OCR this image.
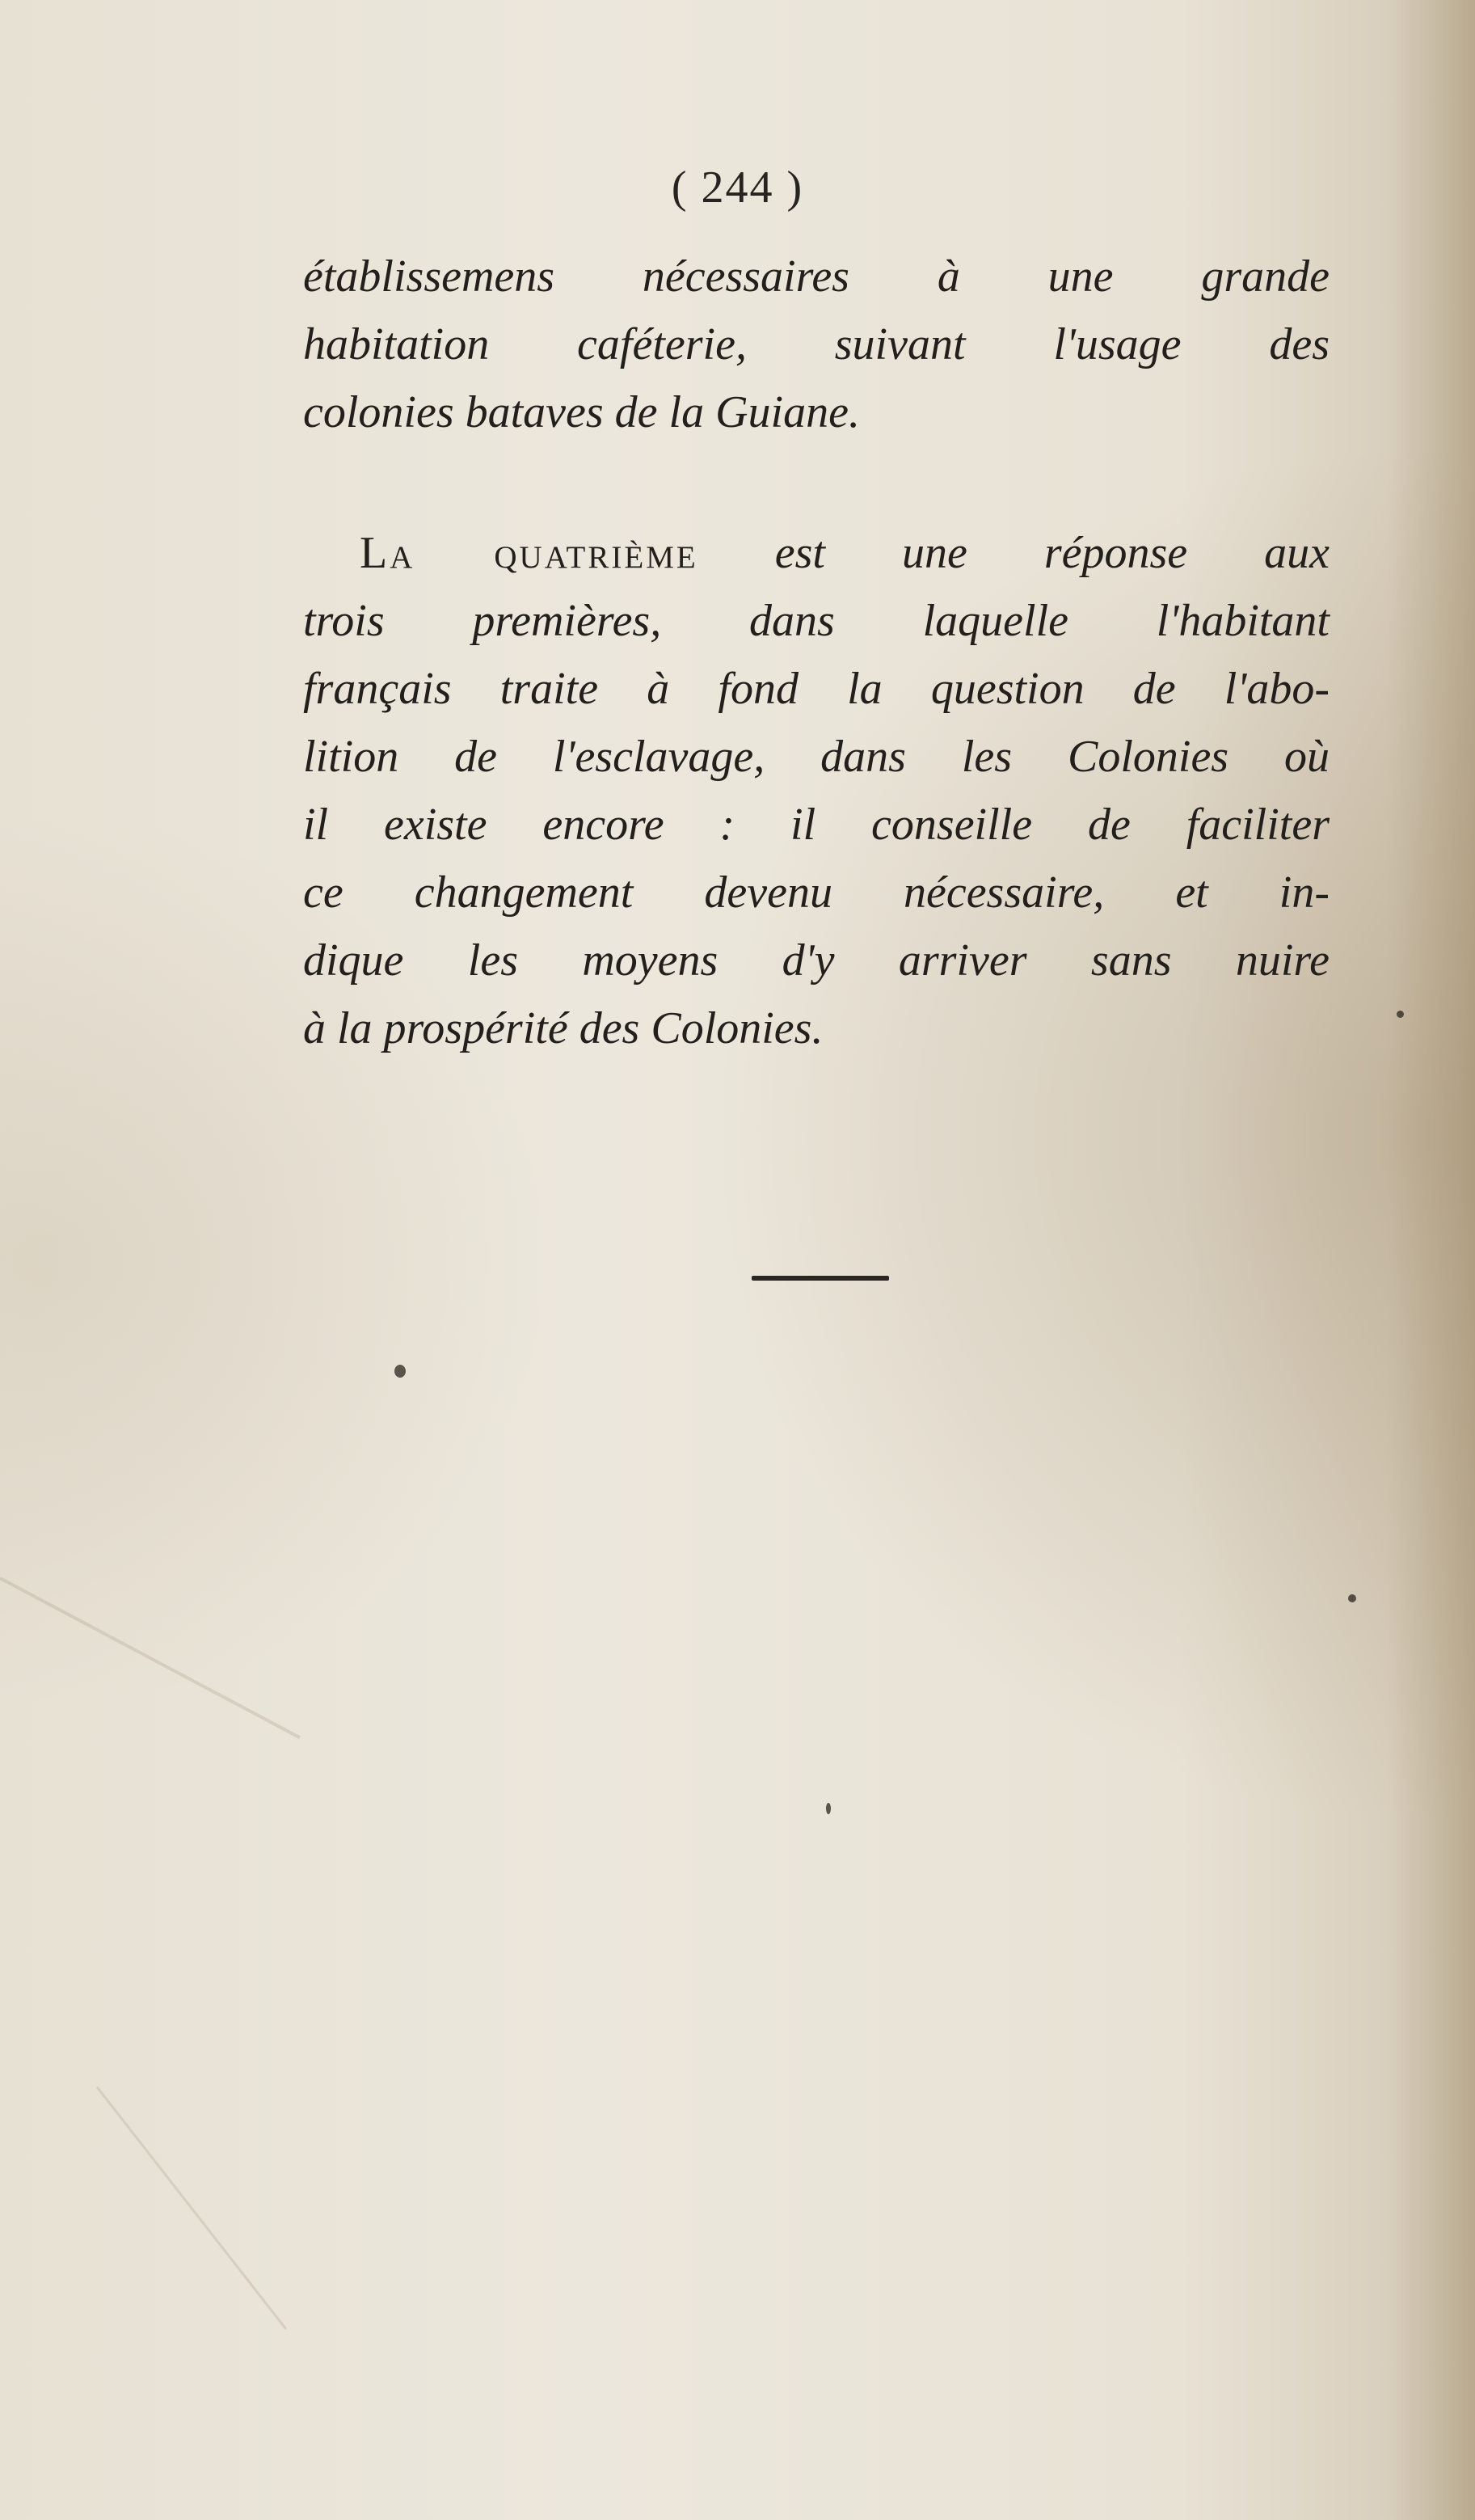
( 244 )
établissemens nécessaires à une grande
habitation caféterie, suivant l'usage des
colonies bataves de la Guiane.
La quatrième est une réponse aux
trois premières, dans laquelle l'habitant
français traite à fond la question de l'abo-
lition de l'esclavage, dans les Colonies où
il existe encore : il conseille de faciliter
ce changement devenu nécessaire, et in-
dique les moyens d'y arriver sans nuire
à la prospérité des Colonies.
